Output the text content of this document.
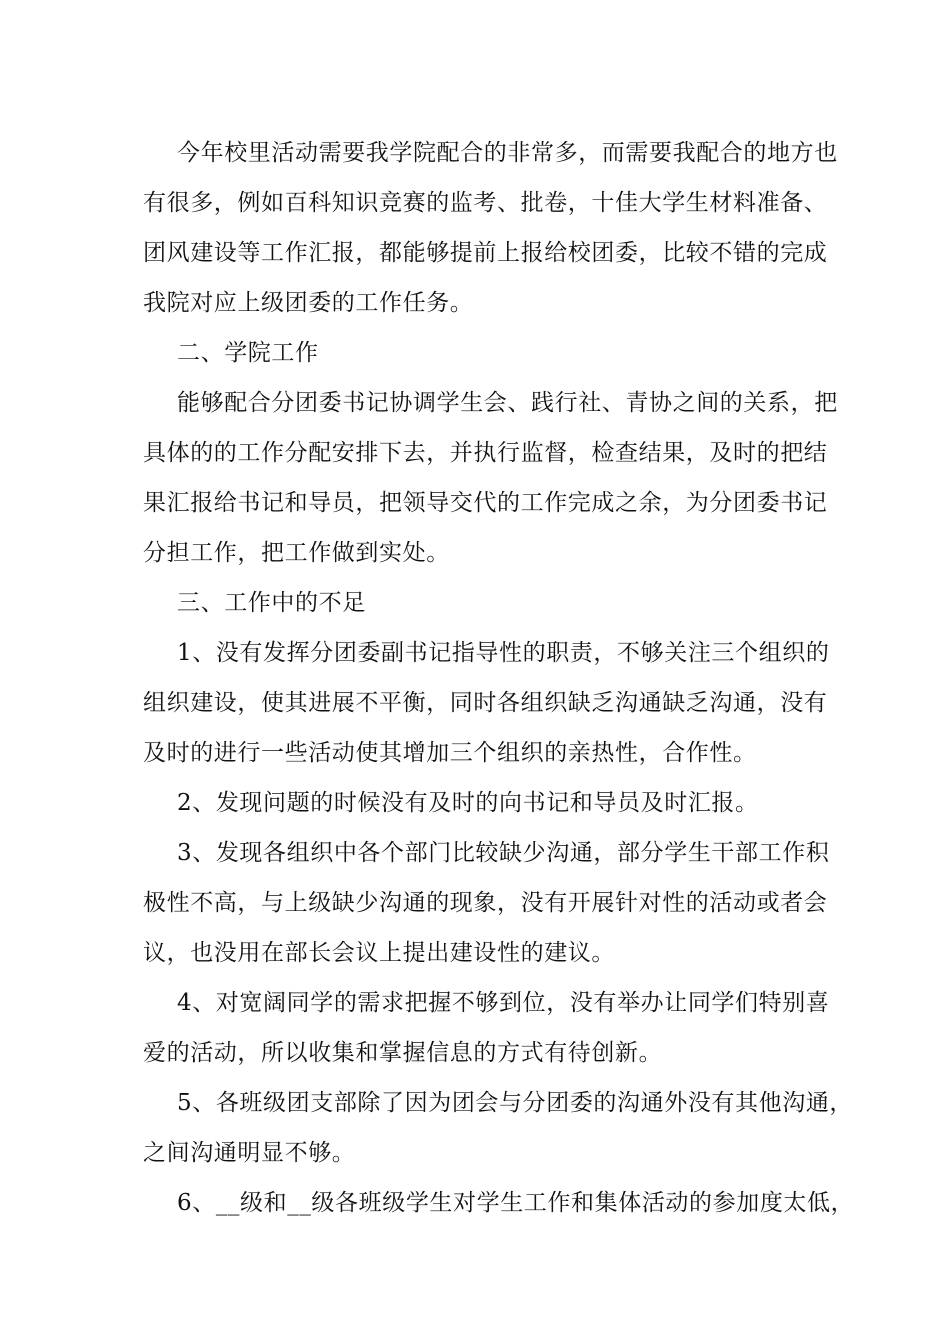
今年校里活动需要我学院配合的非常多，而需要我配合的地方也
有很多，例如百科知识竞赛的监考、批卷，十佳大学生材料准备、
团风建设等工作汇报，都能够提前上报给校团委，比较不错的完成
我院对应上级团委的工作任务。
二、学院工作
能够配合分团委书记协调学生会、践行社、青协之间的关系，把
具体的的工作分配安排下去，并执行监督，检查结果，及时的把结
果汇报给书记和导员，把领导交代的工作完成之余，为分团委书记
分担工作，把工作做到实处。
三、工作中的不足
1、没有发挥分团委副书记指导性的职责，不够关注三个组织的
组织建设，使其进展不平衡，同时各组织缺乏沟通缺乏沟通，没有
及时的进行一些活动使其增加三个组织的亲热性，合作性。
2、发现问题的时候没有及时的向书记和导员及时汇报。
3、发现各组织中各个部门比较缺少沟通，部分学生干部工作积
极性不高，与上级缺少沟通的现象，没有开展针对性的活动或者会
议，也没用在部长会议上提出建设性的建议。
4、对宽阔同学的需求把握不够到位，没有举办让同学们特别喜
爱的活动，所以收集和掌握信息的方式有待创新。
5、各班级团支部除了因为团会与分团委的沟通外没有其他沟通，
之间沟通明显不够。
6、__级和__级各班级学生对学生工作和集体活动的参加度太低，
